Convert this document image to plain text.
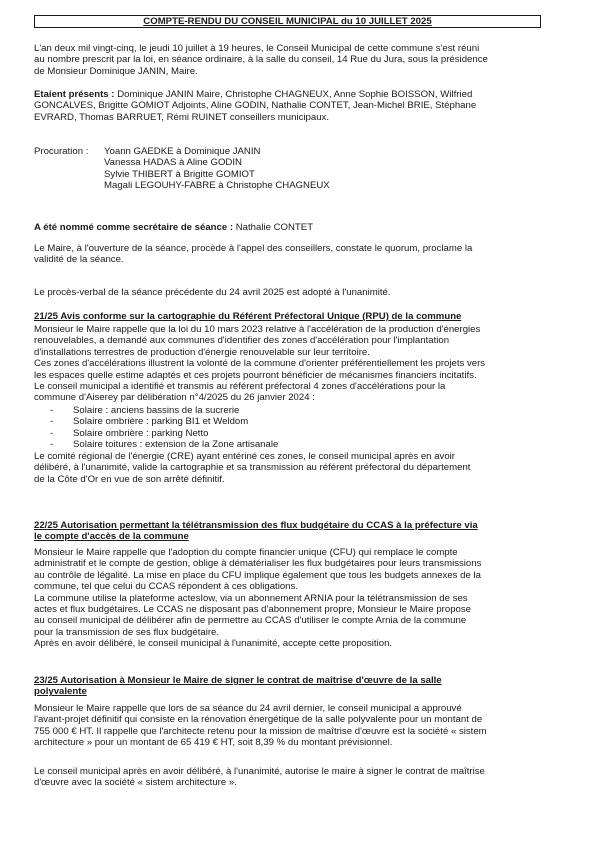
COMPTE-RENDU DU CONSEIL MUNICIPAL du 10 JUILLET 2025
L'an deux mil vingt-cinq, le jeudi 10 juillet à 19 heures, le Conseil Municipal de cette commune s'est réuni
au nombre prescrit par la loi, en séance ordinaire, à la salle du conseil, 14 Rue du Jura, sous la présidence
de Monsieur Dominique JANIN, Maire.
Etaient présents : Dominique JANIN Maire, Christophe CHAGNEUX, Anne Sophie BOISSON, Wilfried
GONCALVES, Brigitte GOMIOT Adjoints, Aline GODIN, Nathalie CONTET, Jean-Michel BRIE, Stéphane
EVRARD, Thomas BARRUET, Rémi RUINET conseillers municipaux.
Procuration : Yoann GAEDKE à Dominique JANIN
Vanessa HADAS à Aline GODIN
Sylvie THIBERT à Brigitte GOMIOT
Magali LEGOUHY-FABRE à Christophe CHAGNEUX
A été nommé comme secrétaire de séance : Nathalie CONTET
Le Maire, à l'ouverture de la séance, procède à l'appel des conseillers, constate le quorum, proclame la
validité de la séance.
Le procès-verbal de la séance précédente du 24 avril 2025 est adopté à l'unanimité.
21/25 Avis conforme sur la cartographie du Référent Préfectoral Unique (RPU) de la commune
Monsieur le Maire rappelle que la loi du 10 mars 2023 relative à l'accélération de la production d'énergies
renouvelables, a demandé aux communes d'identifier des zones d'accélération pour l'implantation
d'installations terrestres de production d'énergie renouvelable sur leur territoire.
Ces zones d'accélérations illustrent la volonté de la commune d'orienter préférentiellement les projets vers
les espaces quelle estime adaptés et ces projets pourront bénéficier de mécanismes financiers incitatifs.
Le conseil municipal a identifié et transmis au référent préfectoral 4 zones d'accélérations pour la
commune d'Aiserey par délibération n°4/2025 du 26 janvier 2024 :
- Solaire : anciens bassins de la sucrerie
- Solaire ombrière : parking BI1 et Weldom
- Solaire ombrière : parking Netto
- Solaire toitures : extension de la Zone artisanale
Le comité régional de l'énergie (CRE) ayant entériné ces zones, le conseil municipal après en avoir
délibéré, à l'unanimité, valide la cartographie et sa transmission au référent préfectoral du département
de la Côte d'Or en vue de son arrêté définitif.
22/25 Autorisation permettant la télétransmission des flux budgétaire du CCAS à la préfecture via
le compte d'accès de la commune
Monsieur le Maire rappelle que l'adoption du compte financier unique (CFU) qui remplace le compte
administratif et le compte de gestion, oblige à dématérialiser les flux budgétaires pour leurs transmissions
au contrôle de légalité. La mise en place du CFU implique également que tous les budgets annexes de la
commune, tel que celui du CCAS répondent à ces obligations.
La commune utilise la plateforme actesIow, via un abonnement ARNIA pour la télétransmission de ses
actes et flux budgétaires. Le CCAS ne disposant pas d'abonnement propre, Monsieur le Maire propose
au conseil municipal de délibérer afin de permettre au CCAS d'utiliser le compte Arnia de la commune
pour la transmission de ses flux budgétaire.
Après en avoir délibéré, le conseil municipal à l'unanimité, accepte cette proposition.
23/25 Autorisation à Monsieur le Maire de signer le contrat de maîtrise d'œuvre de la salle
polyvalente
Monsieur le Maire rappelle que lors de sa séance du 24 avril dernier, le conseil municipal a approuvé
l'avant-projet définitif qui consiste en la rénovation énergétique de la salle polyvalente pour un montant de
755 000 € HT. Il rappelle que l'architecte retenu pour la mission de maîtrise d'œuvre est la société « sistem
architecture » pour un montant de 65 419 € HT, soit 8,39 % du montant prévisionnel.
Le conseil municipal après en avoir délibéré, à l'unanimité, autorise le maire à signer le contrat de maîtrise
d'œuvre avec la société « sistem architecture ».
